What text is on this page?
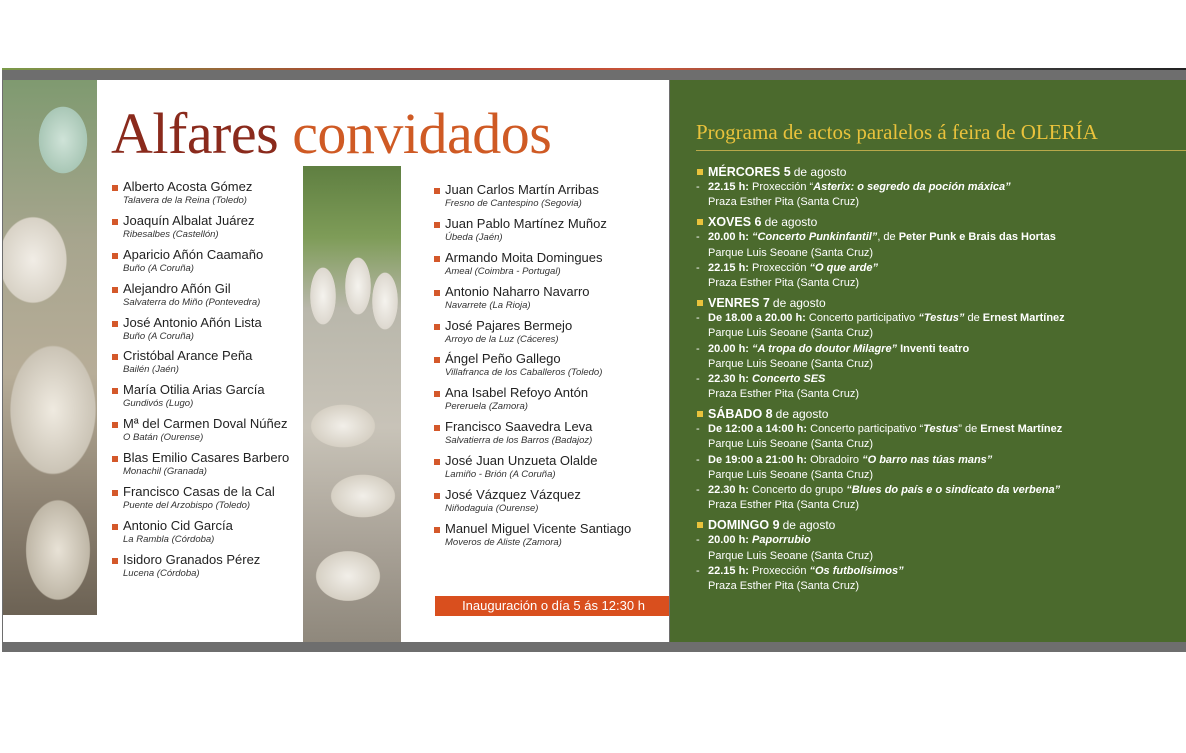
Alfares convidados
Alberto Acosta Gómez
Talavera de la Reina (Toledo)
Joaquín Albalat Juárez
Ribesalbes (Castellón)
Aparicio Añón Caamaño
Buño (A Coruña)
Alejandro Añón Gil
Salvaterra do Miño (Pontevedra)
José Antonio Añón Lista
Buño (A Coruña)
Cristóbal Arance Peña
Bailén (Jaén)
María Otilia Arias García
Gundivós (Lugo)
Mª del Carmen Doval Núñez
O Batán (Ourense)
Blas Emilio Casares Barbero
Monachil (Granada)
Francisco Casas de la Cal
Puente del Arzobispo (Toledo)
Antonio Cid García
La Rambla (Córdoba)
Isidoro Granados Pérez
Lucena (Córdoba)
Juan Carlos Martín Arribas
Fresno de Cantespino (Segovia)
Juan Pablo Martínez Muñoz
Úbeda (Jaén)
Armando Moita Domingues
Ameal (Coimbra - Portugal)
Antonio Naharro Navarro
Navarrete (La Rioja)
José Pajares Bermejo
Arroyo de la Luz (Cáceres)
Ángel Peño Gallego
Villafranca de los Caballeros (Toledo)
Ana Isabel Refoyo Antón
Pereruela (Zamora)
Francisco Saavedra Leva
Salvatierra de los Barros (Badajoz)
José Juan Unzueta Olalde
Lamiño - Brión (A Coruña)
José Vázquez Vázquez
Niñodaguia (Ourense)
Manuel Miguel Vicente Santiago
Moveros de Aliste (Zamora)
Inauguración o día 5 ás 12:30 h
Programa de actos paralelos á feira de OLERÍA
MÉRCORES 5 de agosto
- 22.15 h: Proxección “Asterix: o segredo da poción máxica”
Praza Esther Pita (Santa Cruz)
XOVES 6 de agosto
- 20.00 h: “Concerto Punkinfantil”, de Peter Punk e Brais das Hortas
Parque Luis Seoane (Santa Cruz)
- 22.15 h: Proxección “O que arde”
Praza Esther Pita (Santa Cruz)
VENRES 7 de agosto
- De 18.00 a 20.00 h: Concerto participativo “Testus” de Ernest Martínez
Parque Luis Seoane (Santa Cruz)
- 20.00 h: “A tropa do doutor Milagre” Inventi teatro
Parque Luis Seoane (Santa Cruz)
- 22.30 h: Concerto SES
Praza Esther Pita (Santa Cruz)
SÁBADO 8 de agosto
- De 12:00 a 14:00 h: Concerto participativo “Testus” de Ernest Martínez
Parque Luis Seoane (Santa Cruz)
- De 19:00 a 21:00 h: Obradoiro “O barro nas túas mans”
Parque Luis Seoane (Santa Cruz)
- 22.30 h: Concerto do grupo “Blues do país e o sindicato da verbena”
Praza Esther Pita (Santa Cruz)
DOMINGO 9 de agosto
- 20.00 h: Paporrubio
Parque Luis Seoane (Santa Cruz)
- 22.15 h: Proxección “Os futbolísimos”
Praza Esther Pita (Santa Cruz)
